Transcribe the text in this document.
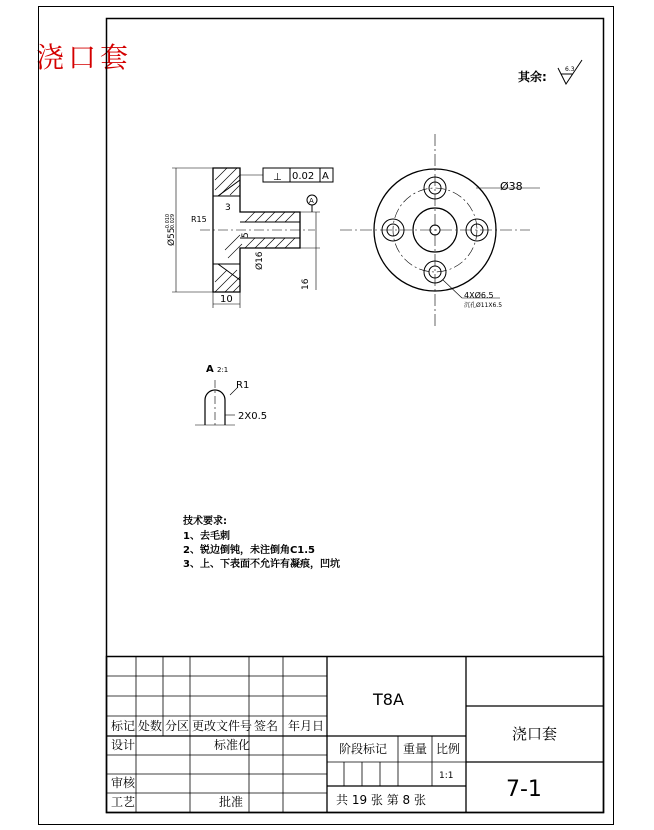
浇口套
其余:
6.3
⊥ 0.02 A
A
Ø55
-0.010 -0.029 R15
3
5
Ø16
16
10
Ø38
4XØ6.5
沉孔Ø11X6.5
A 2:1
R1
2X0.5
技术要求:
1、去毛刺
2、锐边倒钝，未注倒角C1.5
3、上、下表面不允许有凝痕，凹坑
标记 处数 分区 更改文件号 签名 年月日
设计	标准化
审核
工艺	批准
T8A
阶段标记 重量 比例
1:1
共 19 张 第 8 张
浇口套
7-1
